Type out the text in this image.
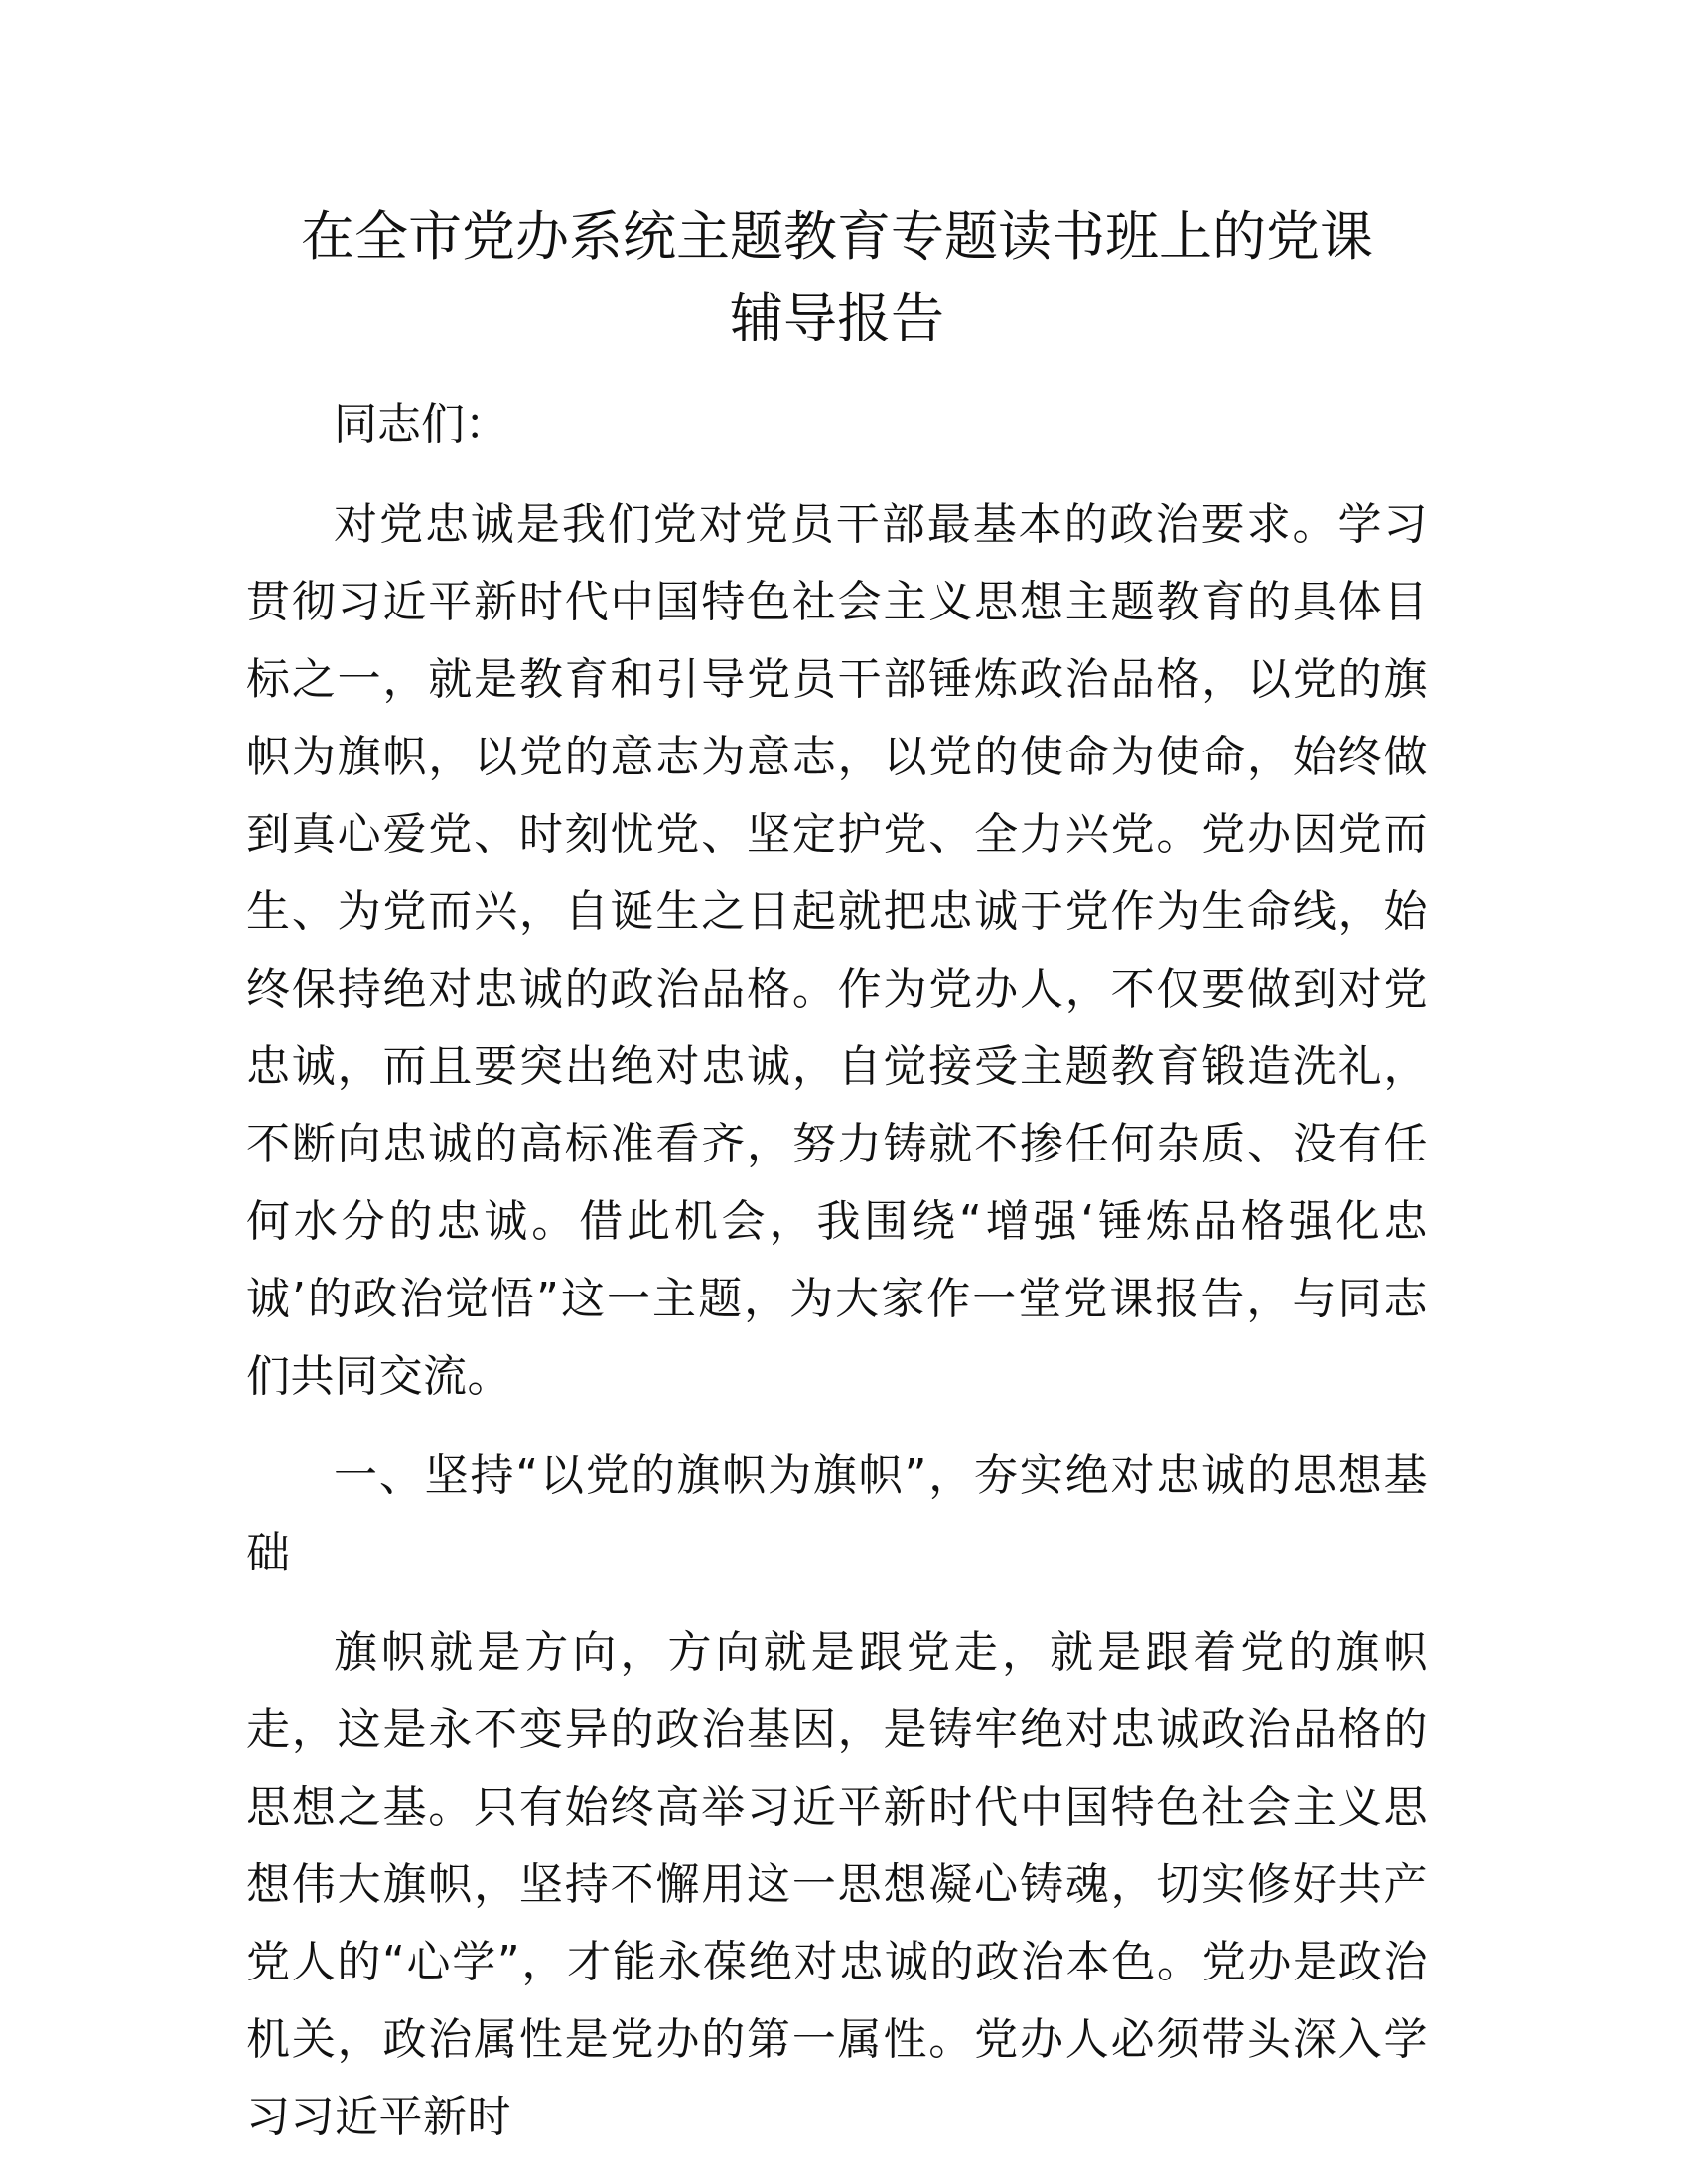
在全市党办系统主题教育专题读书班上的党课
辅导报告

同志们：

对党忠诚是我们党对党员干部最基本的政治要求。学习贯彻习近平新时代中国特色社会主义思想主题教育的具体目标之一，就是教育和引导党员干部锤炼政治品格，以党的旗帜为旗帜，以党的意志为意志，以党的使命为使命，始终做到真心爱党、时刻忧党、坚定护党、全力兴党。党办因党而生、为党而兴，自诞生之日起就把忠诚于党作为生命线，始终保持绝对忠诚的政治品格。作为党办人，不仅要做到对党忠诚，而且要突出绝对忠诚，自觉接受主题教育锻造洗礼，不断向忠诚的高标准看齐，努力铸就不掺任何杂质、没有任何水分的忠诚。借此机会，我围绕“增强‘锤炼品格强化忠诚’的政治觉悟”这一主题，为大家作一堂党课报告，与同志们共同交流。

一、坚持“以党的旗帜为旗帜”，夯实绝对忠诚的思想基础

旗帜就是方向，方向就是跟党走，就是跟着党的旗帜走，这是永不变异的政治基因，是铸牢绝对忠诚政治品格的思想之基。只有始终高举习近平新时代中国特色社会主义思想伟大旗帜，坚持不懈用这一思想凝心铸魂，切实修好共产党人的“心学”，才能永葆绝对忠诚的政治本色。党办是政治机关，政治属性是党办的第一属性。党办人必须带头深入学习习近平新时
